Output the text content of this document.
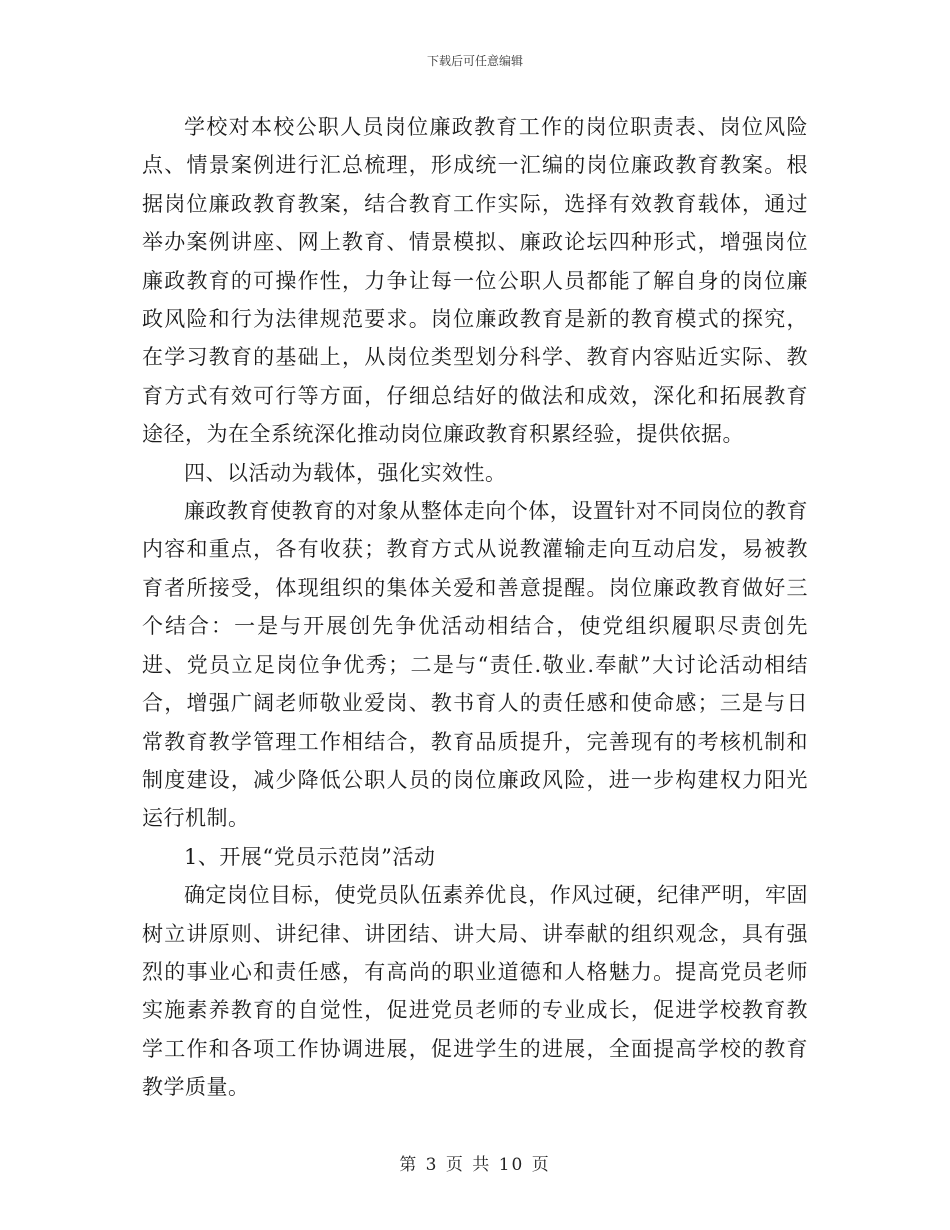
下载后可任意编辑

学校对本校公职人员岗位廉政教育工作的岗位职责表、岗位风险点、情景案例进行汇总梳理，形成统一汇编的岗位廉政教育教案。根据岗位廉政教育教案，结合教育工作实际，选择有效教育载体，通过举办案例讲座、网上教育、情景模拟、廉政论坛四种形式，增强岗位廉政教育的可操作性，力争让每一位公职人员都能了解自身的岗位廉政风险和行为法律规范要求。岗位廉政教育是新的教育模式的探究，在学习教育的基础上，从岗位类型划分科学、教育内容贴近实际、教育方式有效可行等方面，仔细总结好的做法和成效，深化和拓展教育途径，为在全系统深化推动岗位廉政教育积累经验，提供依据。

四、以活动为载体，强化实效性。

廉政教育使教育的对象从整体走向个体，设置针对不同岗位的教育内容和重点，各有收获；教育方式从说教灌输走向互动启发，易被教育者所接受，体现组织的集体关爱和善意提醒。岗位廉政教育做好三个结合：一是与开展创先争优活动相结合，使党组织履职尽责创先进、党员立足岗位争优秀；二是与“责任.敬业.奉献”大讨论活动相结合，增强广阔老师敬业爱岗、教书育人的责任感和使命感；三是与日常教育教学管理工作相结合，教育品质提升，完善现有的考核机制和制度建设，减少降低公职人员的岗位廉政风险，进一步构建权力阳光运行机制。

1、开展“党员示范岗”活动

确定岗位目标，使党员队伍素养优良，作风过硬，纪律严明，牢固树立讲原则、讲纪律、讲团结、讲大局、讲奉献的组织观念，具有强烈的事业心和责任感，有高尚的职业道德和人格魅力。提高党员老师实施素养教育的自觉性，促进党员老师的专业成长，促进学校教育教学工作和各项工作协调进展，促进学生的进展，全面提高学校的教育教学质量。

第 3 页 共 10 页
